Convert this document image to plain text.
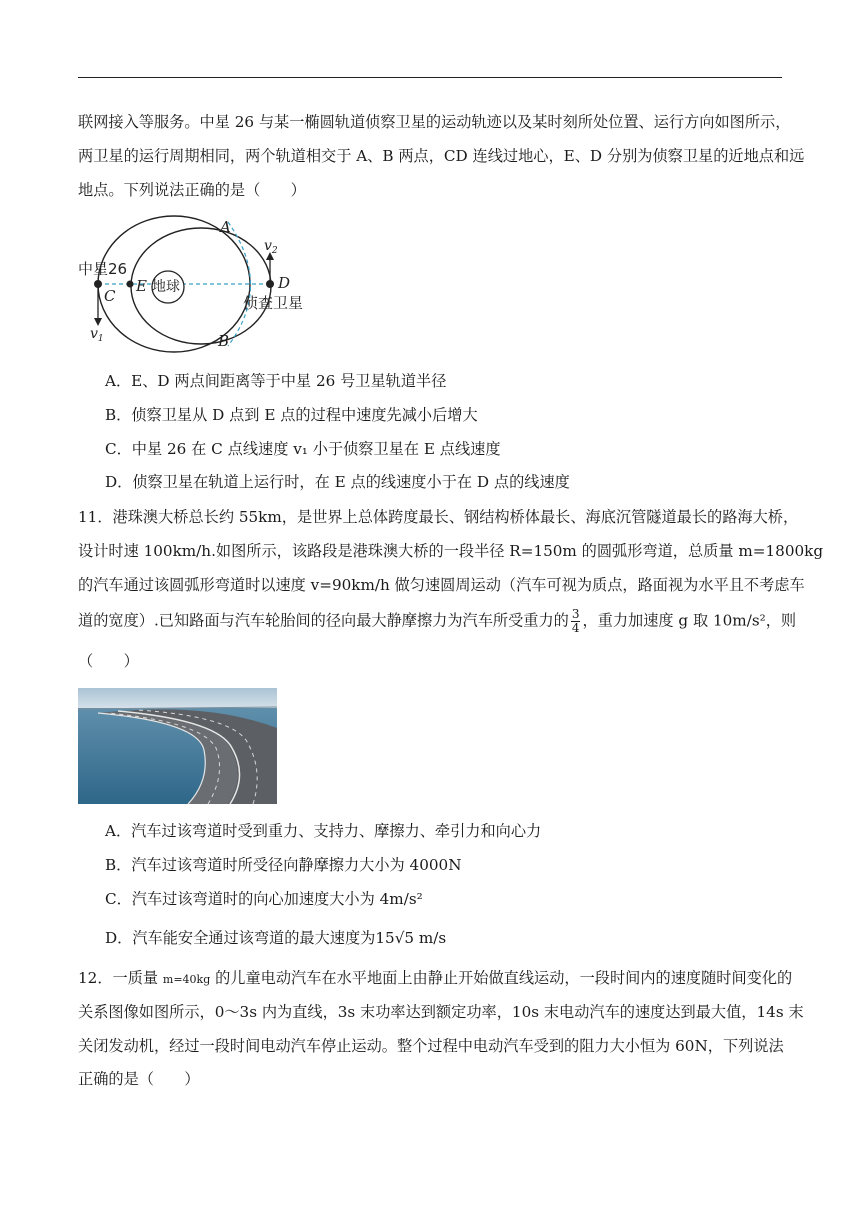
联网接入等服务。中星 26 与某一椭圆轨道侦察卫星的运动轨迹以及某时刻所处位置、运行方向如图所示，
两卫星的运行周期相同，两个轨道相交于 A、B 两点，CD 连线过地心，E、D 分别为侦察卫星的近地点和远
地点。下列说法正确的是（　　）
中星26
C
E 地球
A
B
D
侦查卫星
$v_1$
$v_2$
A．E、D 两点间距离等于中星 26 号卫星轨道半径
B．侦察卫星从 D 点到 E 点的过程中速度先减小后增大
C．中星 26 在 C 点线速度 v₁ 小于侦察卫星在 E 点线速度
D．侦察卫星在轨道上运行时，在 E 点的线速度小于在 D 点的线速度
11．港珠澳大桥总长约 55km，是世界上总体跨度最长、钢结构桥体最长、海底沉管隧道最长的路海大桥，
设计时速 100km/h.如图所示，该路段是港珠澳大桥的一段半径 R=150m 的圆弧形弯道，总质量 m=1800kg
的汽车通过该圆弧形弯道时以速度 v=90km/h 做匀速圆周运动（汽车可视为质点，路面视为水平且不考虑车
道的宽度）.已知路面与汽车轮胎间的径向最大静摩擦力为汽车所受重力的 $\frac{3}{4}$ ，重力加速度 g 取 10m/s²，则
（　　）
A．汽车过该弯道时受到重力、支持力、摩擦力、牵引力和向心力
B．汽车过该弯道时所受径向静摩擦力大小为 4000N
C．汽车过该弯道时的向心加速度大小为 4m/s²
D．汽车能安全通过该弯道的最大速度为15√5 m/s
12．一质量 m=40kg 的儿童电动汽车在水平地面上由静止开始做直线运动，一段时间内的速度随时间变化的
关系图像如图所示，0～3s 内为直线，3s 末功率达到额定功率，10s 末电动汽车的速度达到最大值，14s 末
关闭发动机，经过一段时间电动汽车停止运动。整个过程中电动汽车受到的阻力大小恒为 60N，下列说法
正确的是（　　）
